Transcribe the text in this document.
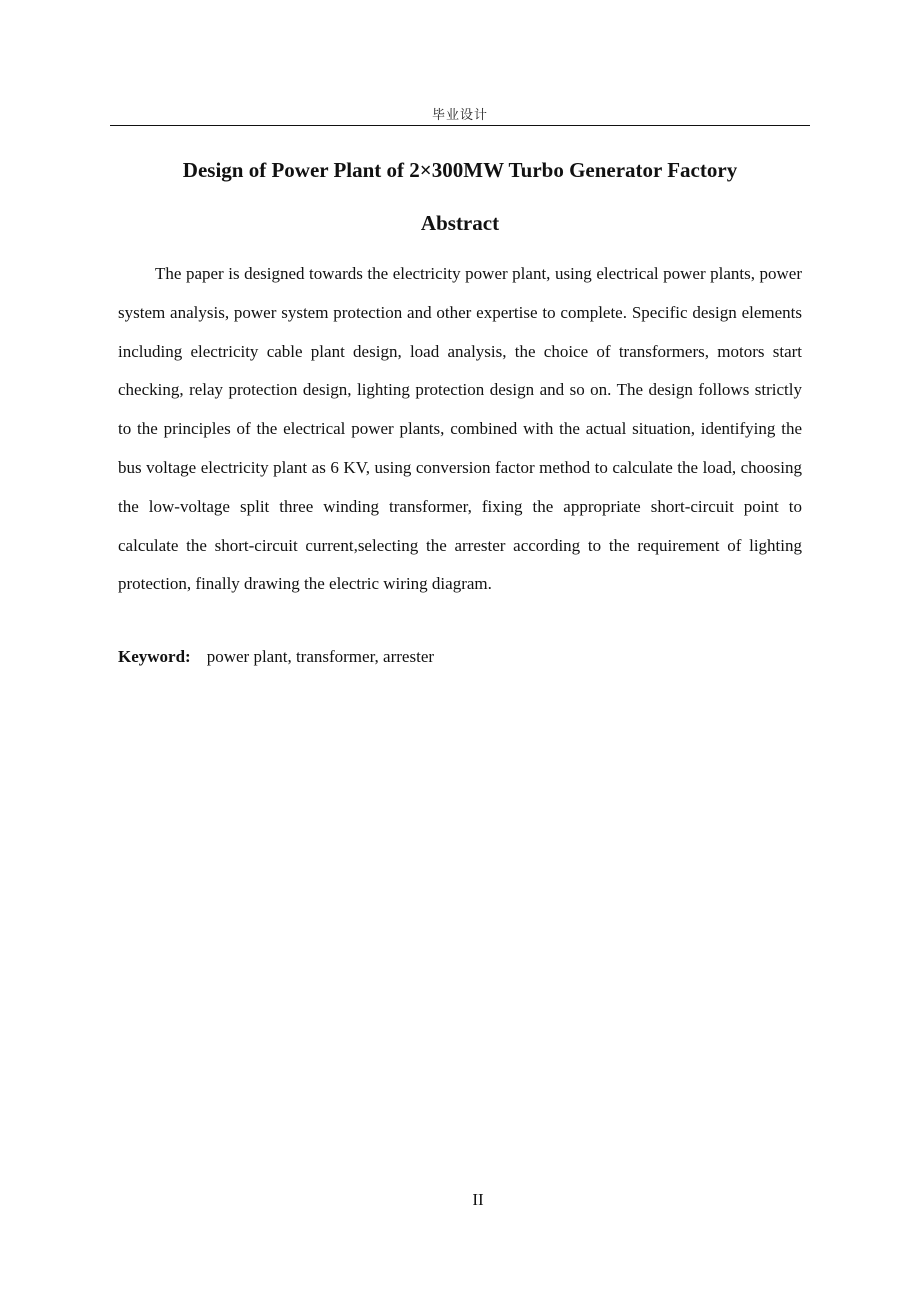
毕业设计
Design of Power Plant of 2×300MW Turbo Generator Factory
Abstract

The paper is designed towards the electricity power plant, using electrical power plants, power system analysis, power system protection and other expertise to complete. Specific design elements including electricity cable plant design, load analysis, the choice of transformers, motors start checking, relay protection design, lighting protection design and so on. The design follows strictly to the principles of the electrical power plants, combined with the actual situation, identifying the bus voltage electricity plant as 6 KV, using conversion factor method to calculate the load, choosing the low-voltage split three winding transformer, fixing the appropriate short-circuit point to calculate the short-circuit current,selecting the arrester according to the requirement of lighting protection, finally drawing the electric wiring diagram.

Keyword: power plant, transformer, arrester
II
